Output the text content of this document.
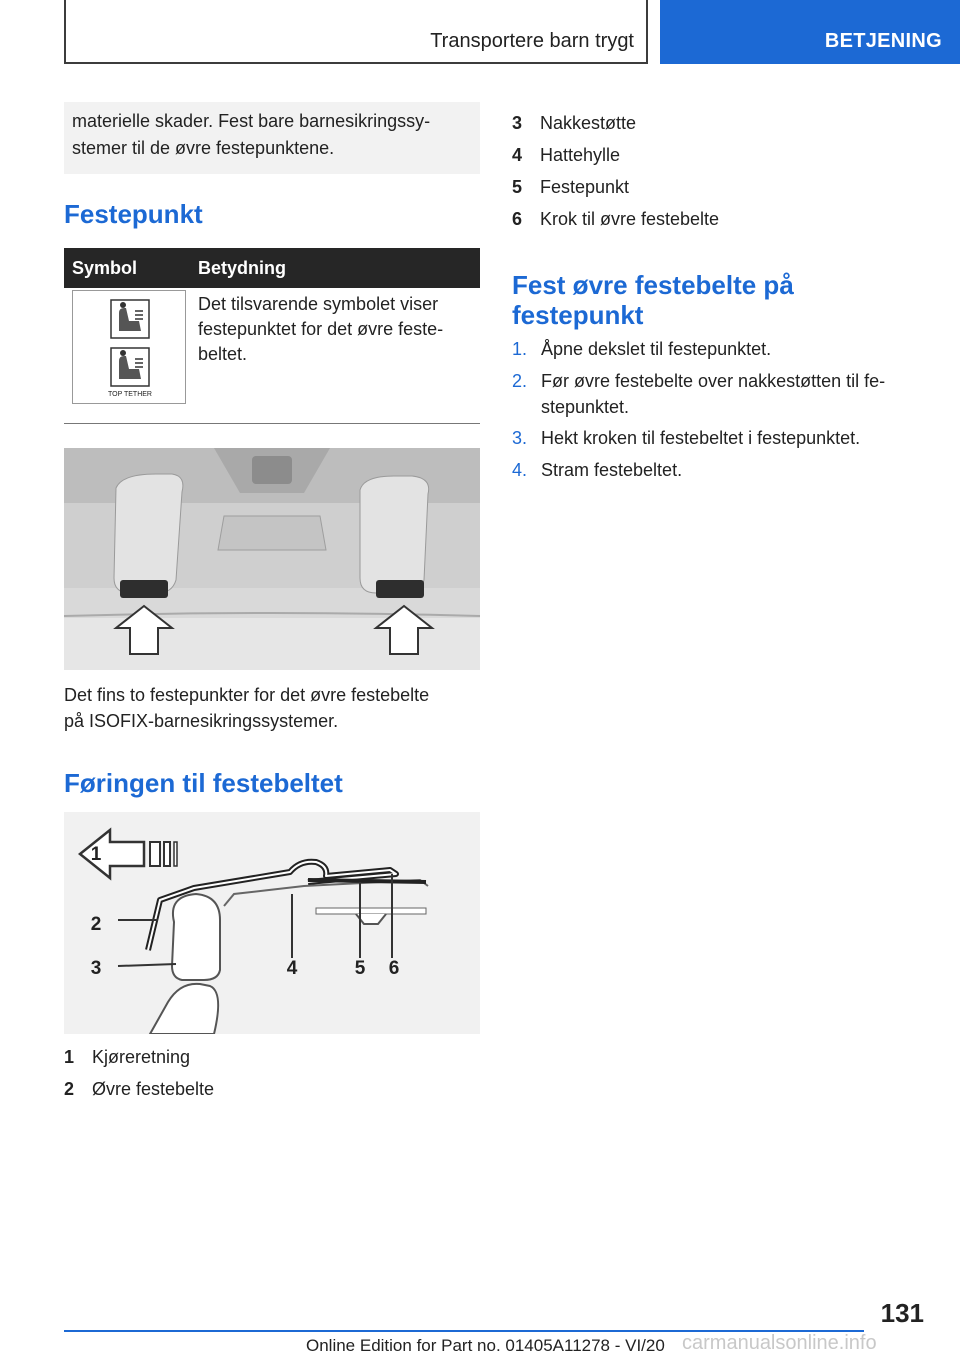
Transportere barn trygt	BETJENING
materielle skader. Fest bare barnesikringssy-
stemer til de øvre festepunktene.
Festepunkt
Symbol	Betydning

TOP TETHER	Det tilsvarende symbolet viser
festepunktet for det øvre feste-
beltet.
Det fins to festepunkter for det øvre festebelte
på ISOFIX-barnesikringssystemer.
Føringen til festebeltet
1
2
3	4	5 6
1 Kjøreretning
2 Øvre festebelte
3 Nakkestøtte
4 Hattehylle
5 Festepunkt
6 Krok til øvre festebelte
Fest øvre festebelte på
festepunkt
1. Åpne dekslet til festepunktet.
2. Før øvre festebelte over nakkestøtten til fe-
stepunktet.
3. Hekt kroken til festebeltet i festepunktet.
4. Stram festebeltet.
131
Online Edition for Part no. 01405A11278 - VI/20 carmanualsonline.info
